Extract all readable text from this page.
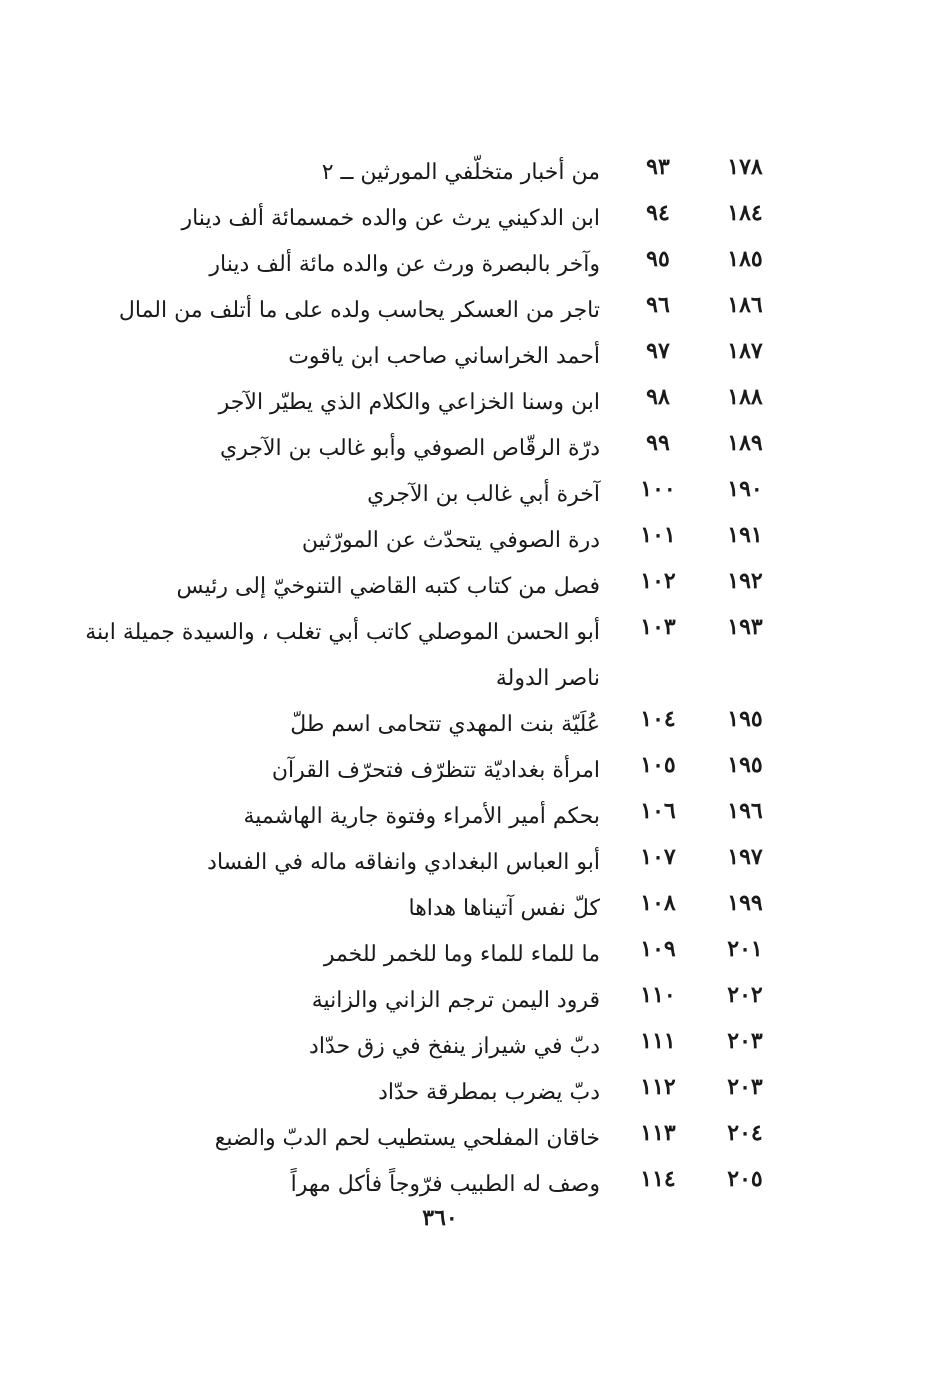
١٧٨
٩٣
من أخبار متخلّفي المورثين ــ ٢
١٨٤
٩٤
ابن الدكيني يرث عن والده خمسمائة ألف دينار
١٨٥
٩٥
وآخر بالبصرة ورث عن والده مائة ألف دينار
١٨٦
٩٦
تاجر من العسكر يحاسب ولده على ما أتلف من المال
١٨٧
٩٧
أحمد الخراساني صاحب ابن ياقوت
١٨٨
٩٨
ابن وسنا الخزاعي والكلام الذي يطيّر الآجر
١٨٩
٩٩
درّة الرقّاص الصوفي وأبو غالب بن الآجري
١٩٠
١٠٠
آخرة أبي غالب بن الآجري
١٩١
١٠١
درة الصوفي يتحدّث عن المورّثين
١٩٢
١٠٢
فصل من كتاب كتبه القاضي التنوخيّ إلى رئيس
١٩٣
١٠٣
أبو الحسن الموصلي كاتب أبي تغلب ، والسيدة جميلة ابنة ناصر الدولة
١٩٥
١٠٤
عُلَيّة بنت المهدي تتحامى اسم طلّ
١٩٥
١٠٥
امرأة بغداديّة تتظرّف فتحرّف القرآن
١٩٦
١٠٦
بحكم أمير الأمراء وفتوة جارية الهاشمية
١٩٧
١٠٧
أبو العباس البغدادي وانفاقه ماله في الفساد
١٩٩
١٠٨
كلّ نفس آتيناها هداها
٢٠١
١٠٩
ما للماء للماء وما للخمر للخمر
٢٠٢
١١٠
قرود اليمن ترجم الزاني والزانية
٢٠٣
١١١
دبّ في شيراز ينفخ في زق حدّاد
٢٠٣
١١٢
دبّ يضرب بمطرقة حدّاد
٢٠٤
١١٣
خاقان المفلحي يستطيب لحم الدبّ والضبع
٢٠٥
١١٤
وصف له الطبيب فرّوجاً فأكل مهراً
٣٦٠
